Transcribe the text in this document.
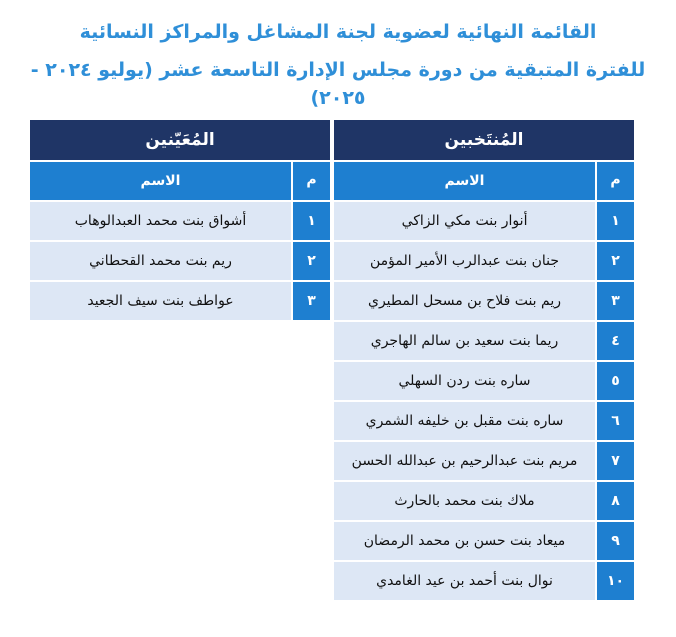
القائمة النهائية لعضوية لجنة المشاغل والمراكز النسائية
للفترة المتبقية من دورة مجلس الإدارة التاسعة عشر (يوليو ٢٠٢٤ - ٢٠٢٥)
المُنتَخبين
م
الاسم
١
أنوار بنت مكي الزاكي
٢
جنان بنت عبدالرب الأمير المؤمن
٣
ريم بنت فلاح بن مسحل المطيري
٤
ريما بنت سعيد بن سالم الهاجري
٥
ساره بنت ردن السهلي
٦
ساره بنت مقبل بن خليفه الشمري
٧
مريم بنت عبدالرحيم بن عبدالله الحسن
٨
ملاك بنت محمد بالحارث
٩
ميعاد بنت حسن بن محمد الرمضان
١٠
نوال بنت أحمد بن عيد الغامدي
المُعَيّنين
م
الاسم
١
أشواق بنت محمد العبدالوهاب
٢
ريم بنت محمد القحطاني
٣
عواطف بنت سيف الجعيد
